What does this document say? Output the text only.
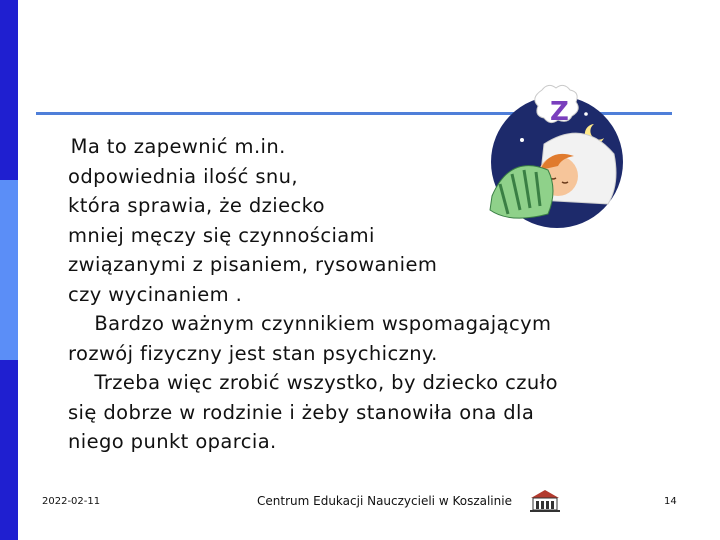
Z
Ma to zapewnić m.in.
odpowiednia ilość snu,
która sprawia, że dziecko
mniej męczy się czynnościami
związanymi z pisaniem, rysowaniem
czy wycinaniem .
Bardzo ważnym czynnikiem wspomagającym
rozwój fizyczny jest stan psychiczny.
Trzeba więc zrobić wszystko, by dziecko czuło
się dobrze w rodzinie i żeby stanowiła ona dla
niego punkt oparcia.
2022-02-11	Centrum Edukacji Nauczycieli w Koszalinie	14
